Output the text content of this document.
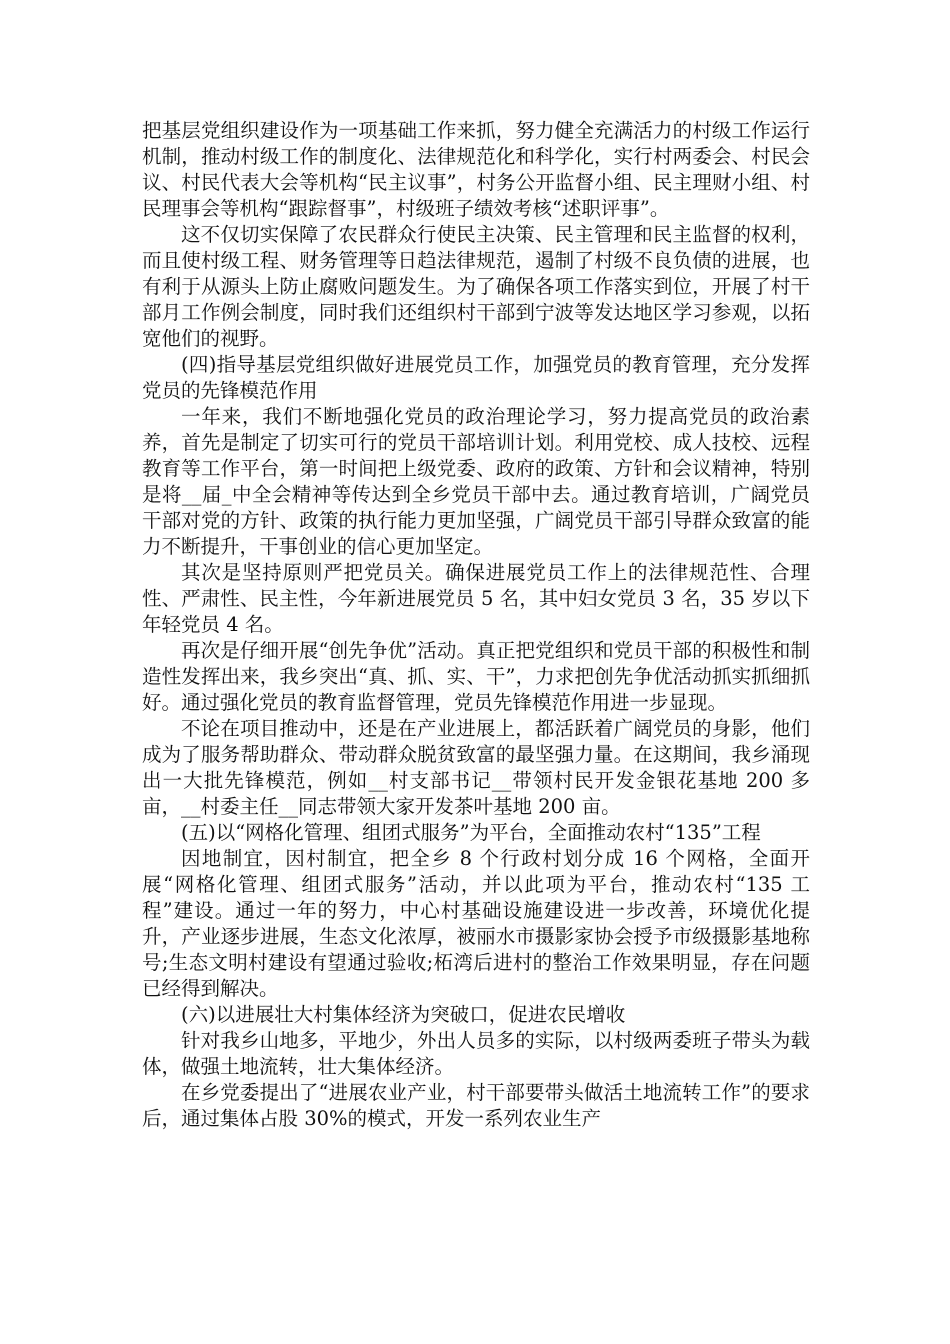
把基层党组织建设作为一项基础工作来抓，努力健全充满活力的村级工作运行机制，推动村级工作的制度化、法律规范化和科学化，实行村两委会、村民会议、村民代表大会等机构“民主议事”，村务公开监督小组、民主理财小组、村民理事会等机构“跟踪督事”，村级班子绩效考核“述职评事”。

这不仅切实保障了农民群众行使民主决策、民主管理和民主监督的权利，而且使村级工程、财务管理等日趋法律规范，遏制了村级不良负债的进展，也有利于从源头上防止腐败问题发生。为了确保各项工作落实到位，开展了村干部月工作例会制度，同时我们还组织村干部到宁波等发达地区学习参观，以拓宽他们的视野。

(四)指导基层党组织做好进展党员工作，加强党员的教育管理，充分发挥党员的先锋模范作用

一年来，我们不断地强化党员的政治理论学习，努力提高党员的政治素养，首先是制定了切实可行的党员干部培训计划。利用党校、成人技校、远程教育等工作平台，第一时间把上级党委、政府的政策、方针和会议精神，特别是将__届_中全会精神等传达到全乡党员干部中去。通过教育培训，广阔党员干部对党的方针、政策的执行能力更加坚强，广阔党员干部引导群众致富的能力不断提升，干事创业的信心更加坚定。

其次是坚持原则严把党员关。确保进展党员工作上的法律规范性、合理性、严肃性、民主性，今年新进展党员 5 名，其中妇女党员 3 名，35 岁以下年轻党员 4 名。

再次是仔细开展“创先争优”活动。真正把党组织和党员干部的积极性和制造性发挥出来，我乡突出“真、抓、实、干”，力求把创先争优活动抓实抓细抓好。通过强化党员的教育监督管理，党员先锋模范作用进一步显现。

不论在项目推动中，还是在产业进展上，都活跃着广阔党员的身影，他们成为了服务帮助群众、带动群众脱贫致富的最坚强力量。在这期间，我乡涌现出一大批先锋模范，例如__村支部书记__带领村民开发金银花基地 200 多亩，__村委主任__同志带领大家开发茶叶基地 200 亩。

(五)以“网格化管理、组团式服务”为平台，全面推动农村“135”工程

因地制宜，因村制宜，把全乡 8 个行政村划分成 16 个网格，全面开展“网格化管理、组团式服务”活动，并以此项为平台，推动农村“135 工程”建设。通过一年的努力，中心村基础设施建设进一步改善，环境优化提升，产业逐步进展，生态文化浓厚，被丽水市摄影家协会授予市级摄影基地称号;生态文明村建设有望通过验收;柘湾后进村的整治工作效果明显，存在问题已经得到解决。

(六)以进展壮大村集体经济为突破口，促进农民增收

针对我乡山地多，平地少，外出人员多的实际，以村级两委班子带头为载体，做强土地流转，壮大集体经济。

在乡党委提出了“进展农业产业，村干部要带头做活土地流转工作”的要求后，通过集体占股 30%的模式，开发一系列农业生产
